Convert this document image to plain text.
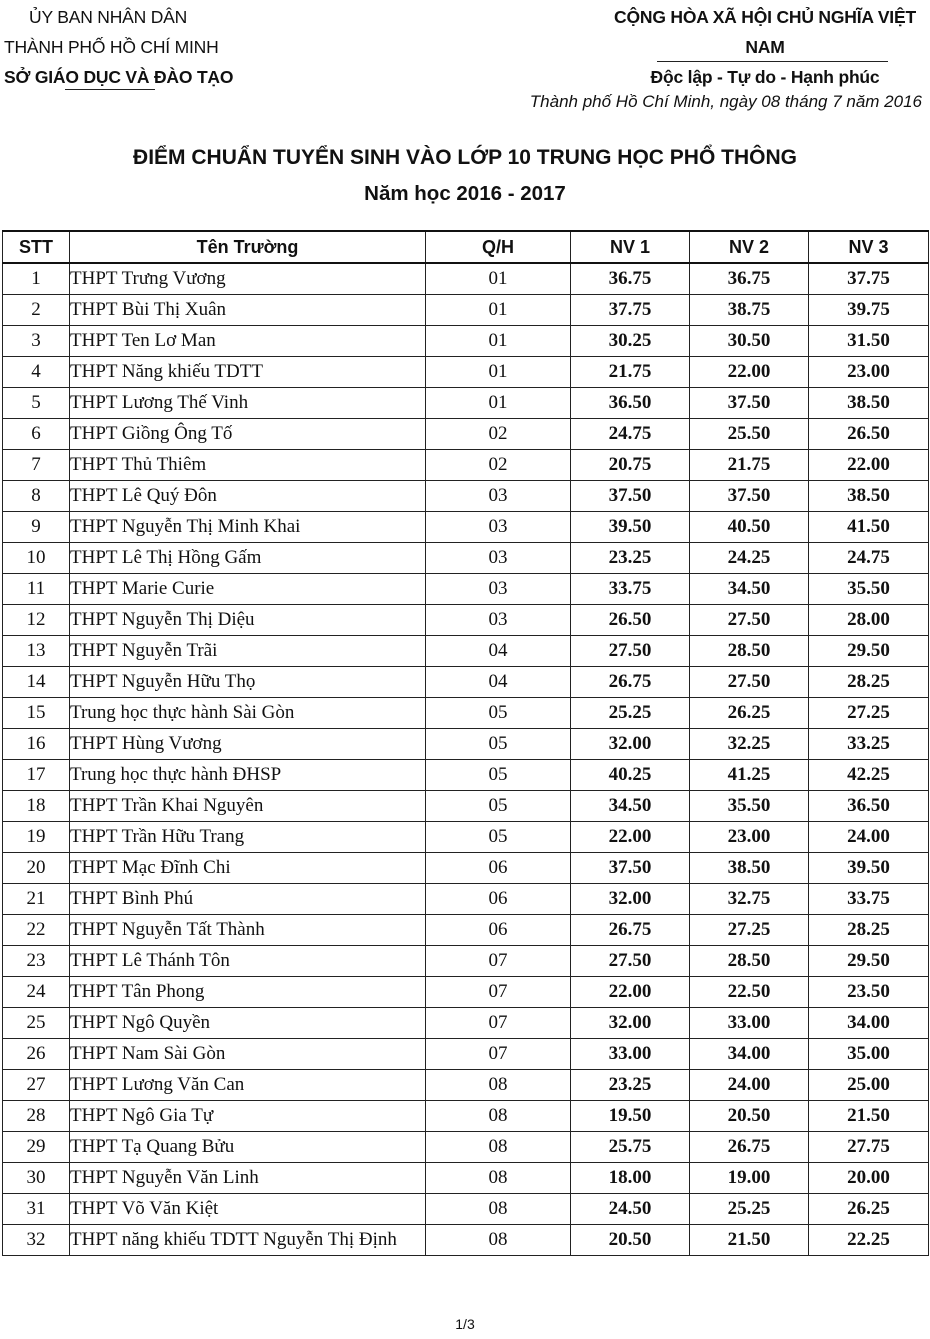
ỦY BAN NHÂN DÂN
THÀNH PHỐ HỒ CHÍ MINH
SỞ GIÁO DỤC VÀ ĐÀO TẠO
CỘNG HÒA XÃ HỘI CHỦ NGHĨA VIỆT NAM
Độc lập - Tự do - Hạnh phúc
Thành phố Hồ Chí Minh, ngày 08 tháng 7 năm 2016
ĐIỂM CHUẨN TUYỂN SINH VÀO LỚP 10 TRUNG HỌC PHỔ THÔNG
Năm học 2016 - 2017
STT	Tên Trường	Q/H	NV 1	NV 2	NV 3
1	THPT Trưng Vương	01	36.75	36.75	37.75
2	THPT Bùi Thị Xuân	01	37.75	38.75	39.75
3	THPT Ten Lơ Man	01	30.25	30.50	31.50
4	THPT Năng khiếu TDTT	01	21.75	22.00	23.00
5	THPT Lương Thế Vinh	01	36.50	37.50	38.50
6	THPT Giồng Ông Tố	02	24.75	25.50	26.50
7	THPT Thủ Thiêm	02	20.75	21.75	22.00
8	THPT Lê Quý Đôn	03	37.50	37.50	38.50
9	THPT Nguyễn Thị Minh Khai	03	39.50	40.50	41.50
10	THPT Lê Thị Hồng Gấm	03	23.25	24.25	24.75
11	THPT Marie Curie	03	33.75	34.50	35.50
12	THPT Nguyễn Thị Diệu	03	26.50	27.50	28.00
13	THPT Nguyễn Trãi	04	27.50	28.50	29.50
14	THPT Nguyễn Hữu Thọ	04	26.75	27.50	28.25
15	Trung học thực hành Sài Gòn	05	25.25	26.25	27.25
16	THPT Hùng Vương	05	32.00	32.25	33.25
17	Trung học thực hành ĐHSP	05	40.25	41.25	42.25
18	THPT Trần Khai Nguyên	05	34.50	35.50	36.50
19	THPT Trần Hữu Trang	05	22.00	23.00	24.00
20	THPT Mạc Đĩnh Chi	06	37.50	38.50	39.50
21	THPT Bình Phú	06	32.00	32.75	33.75
22	THPT Nguyễn Tất Thành	06	26.75	27.25	28.25
23	THPT Lê Thánh Tôn	07	27.50	28.50	29.50
24	THPT Tân Phong	07	22.00	22.50	23.50
25	THPT Ngô Quyền	07	32.00	33.00	34.00
26	THPT Nam Sài Gòn	07	33.00	34.00	35.00
27	THPT Lương Văn Can	08	23.25	24.00	25.00
28	THPT Ngô Gia Tự	08	19.50	20.50	21.50
29	THPT Tạ Quang Bửu	08	25.75	26.75	27.75
30	THPT Nguyễn Văn Linh	08	18.00	19.00	20.00
31	THPT Võ Văn Kiệt	08	24.50	25.25	26.25
32	THPT năng khiếu TDTT Nguyễn Thị Định	08	20.50	21.50	22.25
1/3
